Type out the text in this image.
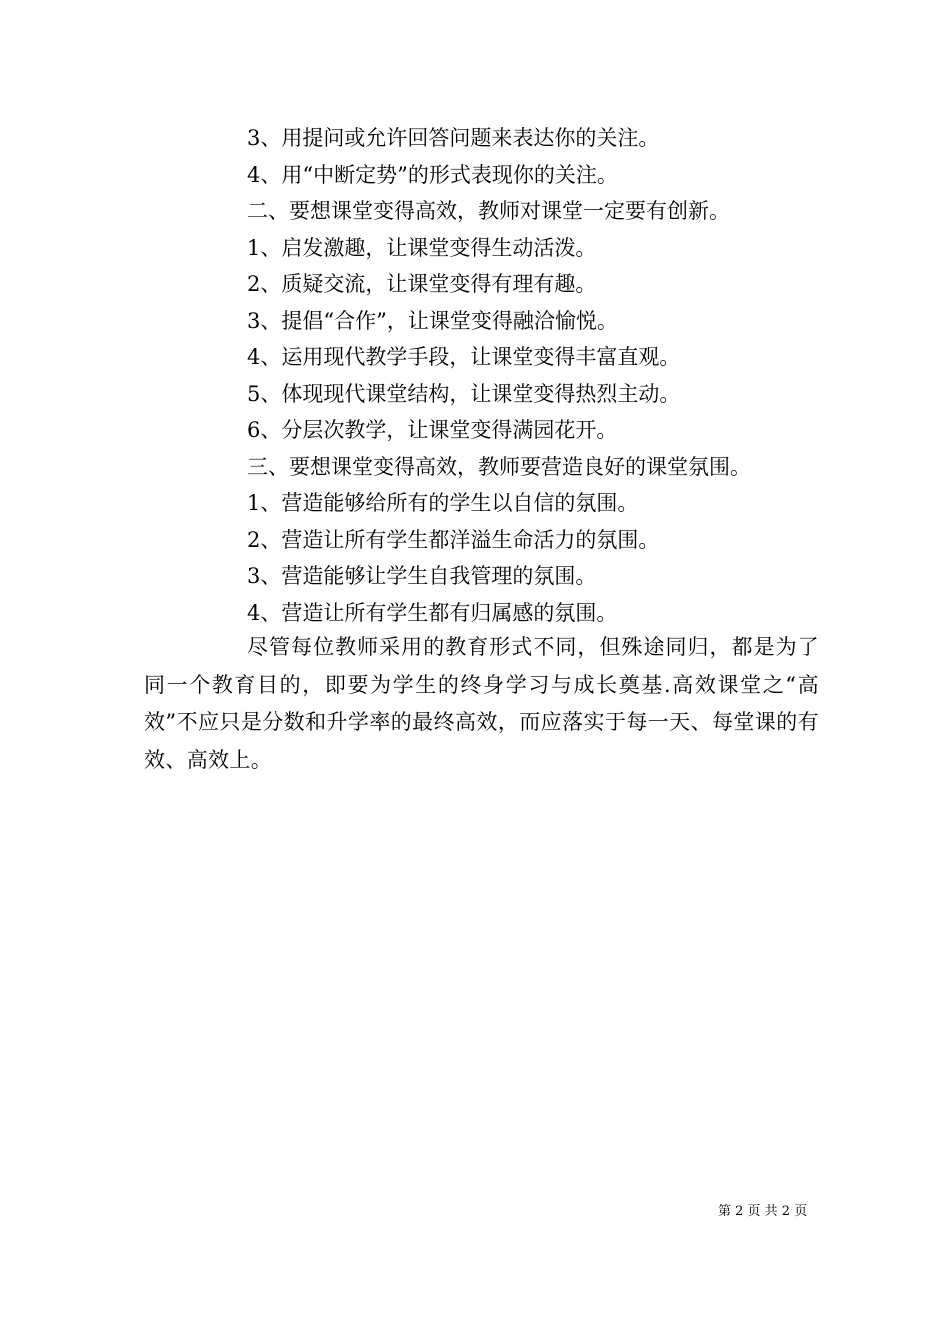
3、用提问或允许回答问题来表达你的关注。
4、用“中断定势”的形式表现你的关注。
二、要想课堂变得高效，教师对课堂一定要有创新。
1、启发激趣，让课堂变得生动活泼。
2、质疑交流，让课堂变得有理有趣。
3、提倡“合作”，让课堂变得融洽愉悦。
4、运用现代教学手段，让课堂变得丰富直观。
5、体现现代课堂结构，让课堂变得热烈主动。
6、分层次教学，让课堂变得满园花开。
三、要想课堂变得高效，教师要营造良好的课堂氛围。
1、营造能够给所有的学生以自信的氛围。
2、营造让所有学生都洋溢生命活力的氛围。
3、营造能够让学生自我管理的氛围。
4、营造让所有学生都有归属感的氛围。
尽管每位教师采用的教育形式不同，但殊途同归，都是为了同一个教育目的，即要为学生的终身学习与成长奠基.高效课堂之“高效”不应只是分数和升学率的最终高效，而应落实于每一天、每堂课的有效、高效上。
第 2 页 共 2 页
